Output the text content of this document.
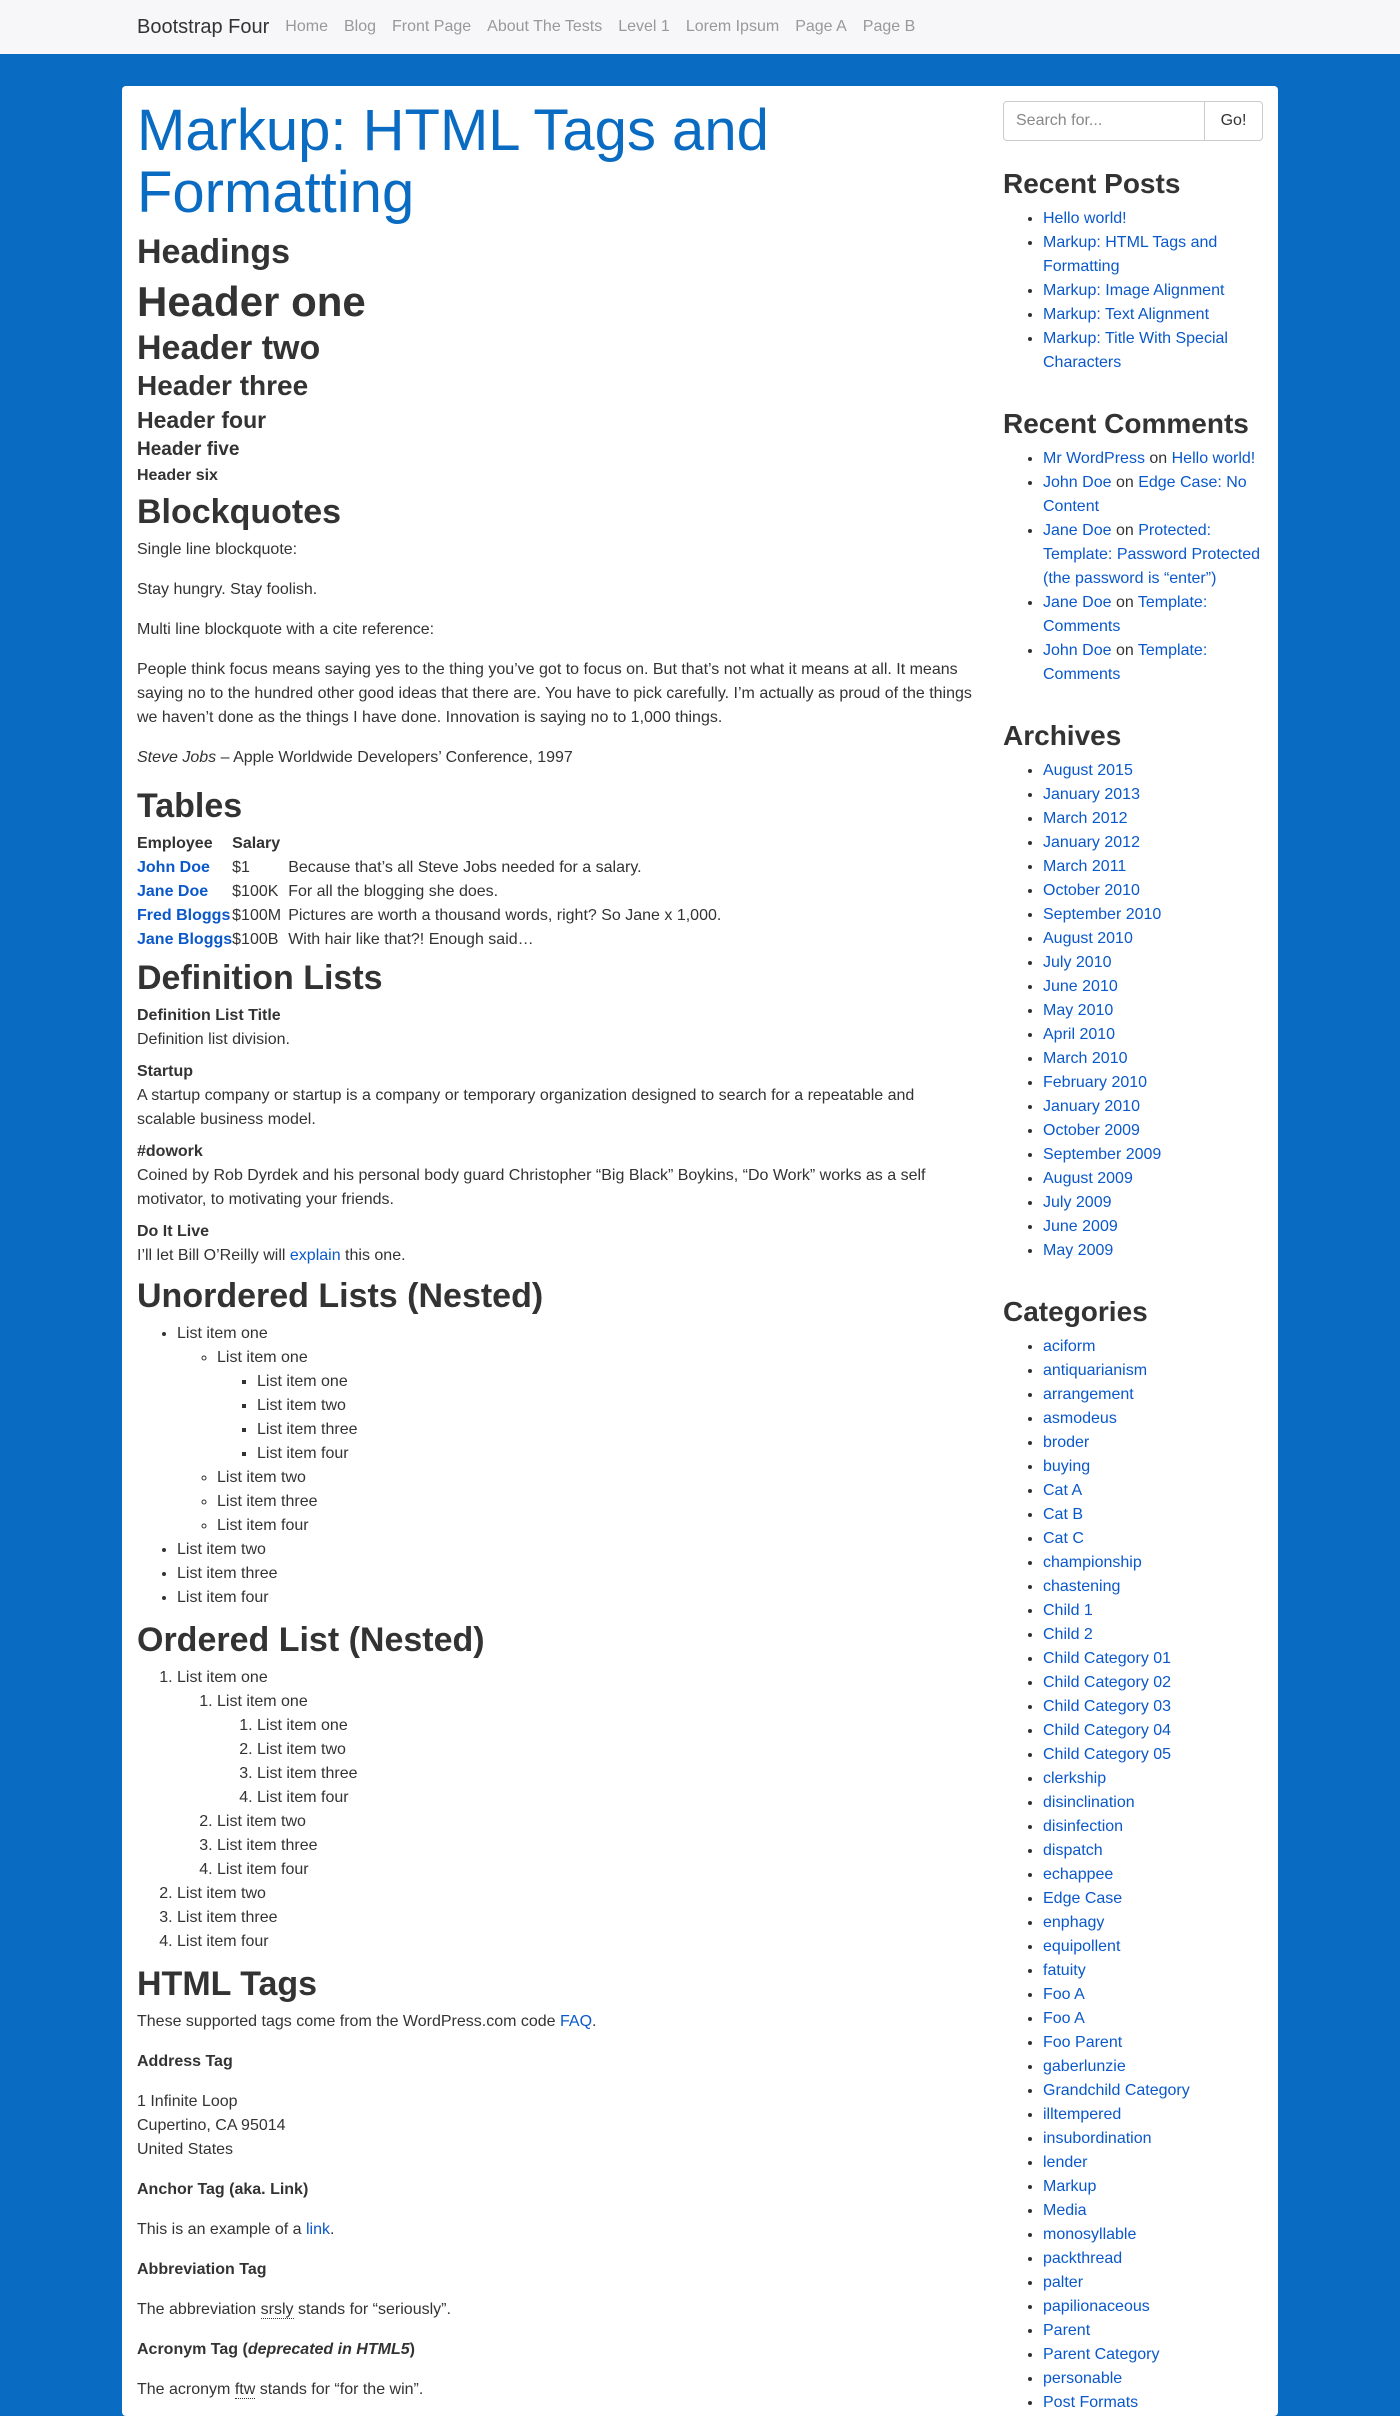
Bootstrap Four Home Blog Front Page About The Tests Level 1 Lorem Ipsum Page A Page B
Markup: HTML Tags and Formatting
Headings
Header one
Header two
Header three
Header four
Header five
Header six
Blockquotes

Single line blockquote:

Stay hungry. Stay foolish.

Multi line blockquote with a cite reference:

People think focus means saying yes to the thing you’ve got to focus on. But that’s not what it means at all. It means saying no to the hundred other good ideas that there are. You have to pick carefully. I’m actually as proud of the things we haven’t done as the things I have done. Innovation is saying no to 1,000 things.

Steve Jobs – Apple Worldwide Developers’ Conference, 1997

Tables
Employee	Salary	
John Doe	$1	Because that’s all Steve Jobs needed for a salary.
Jane Doe	$100K	For all the blogging she does.
Fred Bloggs	$100M	Pictures are worth a thousand words, right? So Jane x 1,000.
Jane Bloggs	$100B	With hair like that?! Enough said…
Definition Lists
Definition List Title
Definition list division.
Startup
A startup company or startup is a company or temporary organization designed to search for a repeatable and scalable business model.
#dowork
Coined by Rob Dyrdek and his personal body guard Christopher “Big Black” Boykins, “Do Work” works as a self motivator, to motivating your friends.
Do It Live
I’ll let Bill O’Reilly will explain this one.
Unordered Lists (Nested)
• List item one
◦ List item one
▪ List item one
▪ List item two
▪ List item three
▪ List item four
◦ List item two
◦ List item three
◦ List item four
• List item two
• List item three
• List item four
Ordered List (Nested)
1. List item one
1. List item one
1. List item one
2. List item two
3. List item three
4. List item four
2. List item two
3. List item three
4. List item four
2. List item two
3. List item three
4. List item four
HTML Tags

These supported tags come from the WordPress.com code FAQ.

Address Tag

1 Infinite Loop
Cupertino, CA 95014
United States

Anchor Tag (aka. Link)

This is an example of a link.

Abbreviation Tag

The abbreviation srsly stands for “seriously”.

Acronym Tag (deprecated in HTML5)

The acronym ftw stands for “for the win”.

Search for...
Go!
Recent Posts
• Hello world!
• Markup: HTML Tags and Formatting
• Markup: Image Alignment
• Markup: Text Alignment
• Markup: Title With Special Characters
Recent Comments
• Mr WordPress on Hello world!
• John Doe on Edge Case: No Content
• Jane Doe on Protected: Template: Password Protected (the password is “enter”)
• Jane Doe on Template: Comments
• John Doe on Template: Comments
Archives
• August 2015
• January 2013
• March 2012
• January 2012
• March 2011
• October 2010
• September 2010
• August 2010
• July 2010
• June 2010
• May 2010
• April 2010
• March 2010
• February 2010
• January 2010
• October 2009
• September 2009
• August 2009
• July 2009
• June 2009
• May 2009
Categories
• aciform
• antiquarianism
• arrangement
• asmodeus
• broder
• buying
• Cat A
• Cat B
• Cat C
• championship
• chastening
• Child 1
• Child 2
• Child Category 01
• Child Category 02
• Child Category 03
• Child Category 04
• Child Category 05
• clerkship
• disinclination
• disinfection
• dispatch
• echappee
• Edge Case
• enphagy
• equipollent
• fatuity
• Foo A
• Foo A
• Foo Parent
• gaberlunzie
• Grandchild Category
• illtempered
• insubordination
• lender
• Markup
• Media
• monosyllable
• packthread
• palter
• papilionaceous
• Parent
• Parent Category
• personable
• Post Formats
